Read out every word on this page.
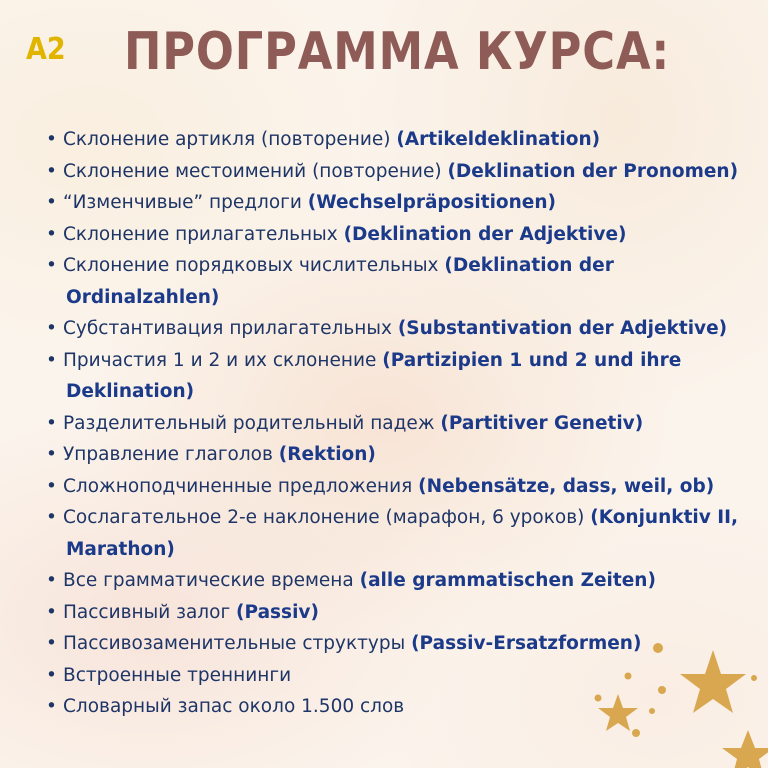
A2 ПРОГРАММА КУРСА:
• Склонение артикля (повторение) (Artikeldeklination)
• Склонение местоимений (повторение) (Deklination der Pronomen)
• “Изменчивые” предлоги (Wechselpräpositionen)
• Склонение прилагательных (Deklination der Adjektive)
• Склонение порядковых числительных (Deklination der
Ordinalzahlen)
• Субстантивация прилагательных (Substantivation der Adjektive)
• Причастия 1 и 2 и их склонение (Partizipien 1 und 2 und ihre
Deklination)
• Разделительный родительный падеж (Partitiver Genetiv)
• Управление глаголов (Rektion)
• Сложноподчиненные предложения (Nebensätze, dass, weil, ob)
• Сослагательное 2-е наклонение (марафон, 6 уроков) (Konjunktiv II,
Marathon)
• Все грамматические времена (alle grammatischen Zeiten)
• Пассивный залог (Passiv)
• Пассивозаменительные структуры (Passiv-Ersatzformen)
• Встроенные треннинги
• Словарный запас около 1.500 слов
